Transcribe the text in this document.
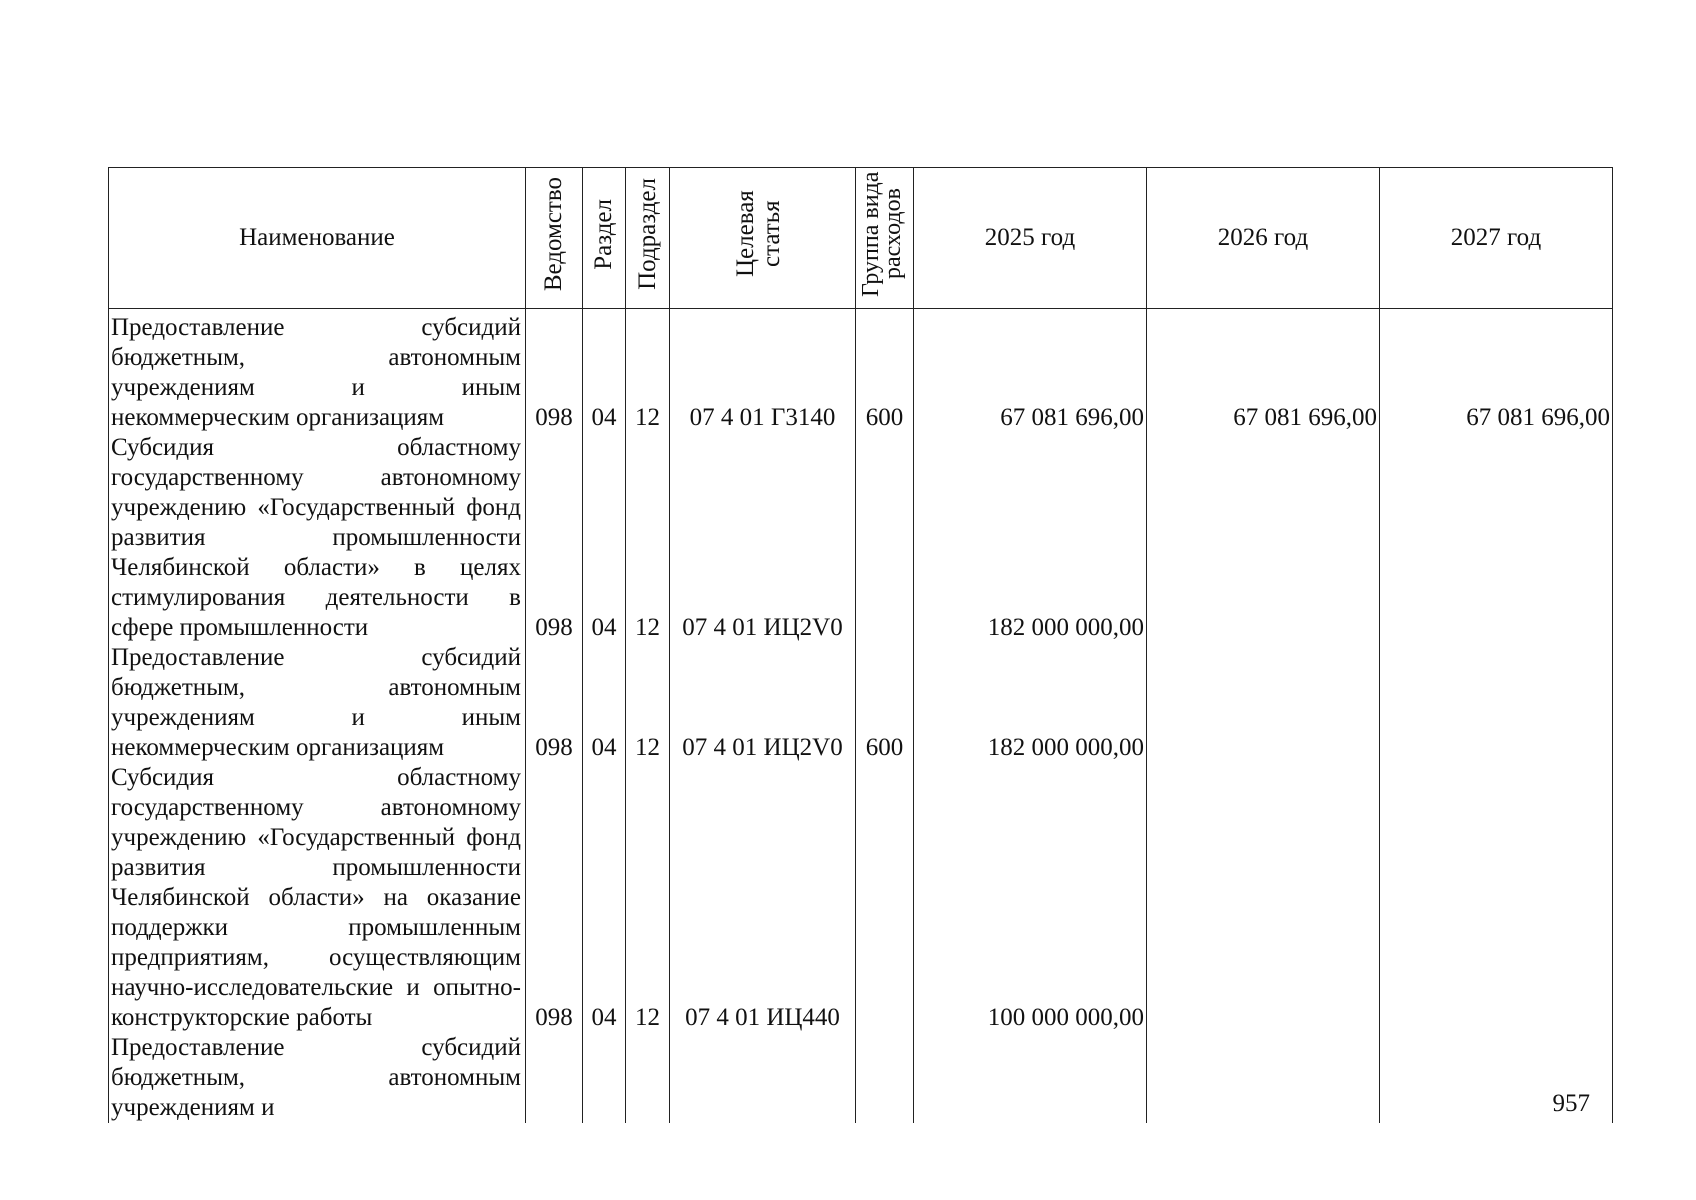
Наименование	Ведомство	Раздел	Подраздел	Целевая статья	Группа вида расходов	2025 год	2026 год	2027 год

Предоставление субсидий бюджетным, автономным учреждениям и иным некоммерческим организациям	098	04	12	07 4 01 Г3140	600	67 081 696,00	67 081 696,00	67 081 696,00

Субсидия областному государственному автономному учреждению «Государственный фонд развития промышленности Челябинской области» в целях стимулирования деятельности в сфере промышленности	098	04	12	07 4 01 ИЦ2V0		182 000 000,00		

Предоставление субсидий бюджетным, автономным учреждениям и иным некоммерческим организациям	098	04	12	07 4 01 ИЦ2V0	600	182 000 000,00		

Субсидия областному государственному автономному учреждению «Государственный фонд развития промышленности Челябинской области» на оказание поддержки промышленным предприятиям, осуществляющим научно-исследовательские и опытно-конструкторские работы	098	04	12	07 4 01 ИЦ440		100 000 000,00		

Предоставление субсидий бюджетным, автономным учреждениям и								
									957
